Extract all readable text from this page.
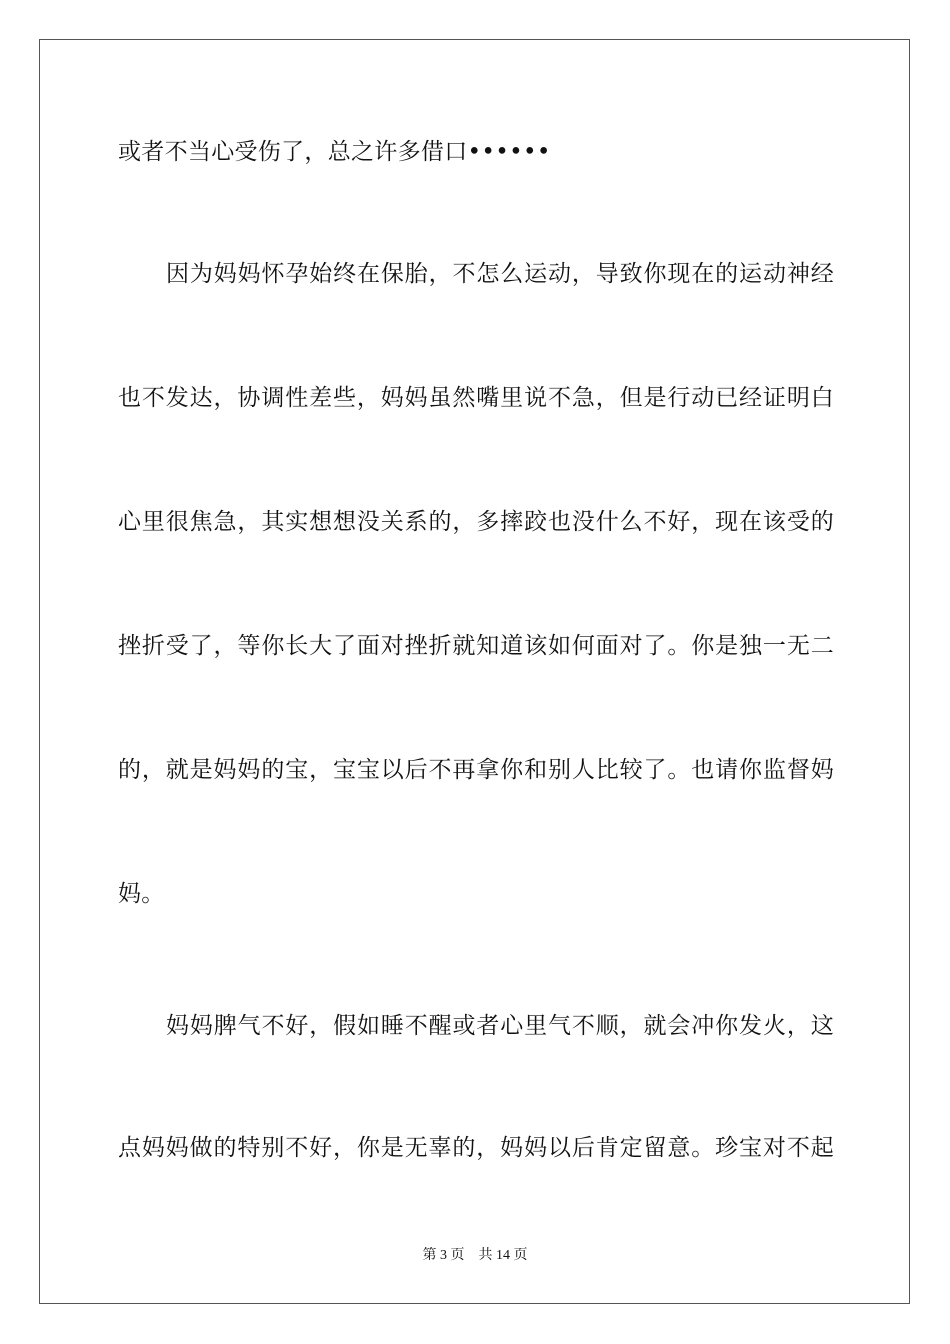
或者不当心受伤了，总之许多借口••••••
因为妈妈怀孕始终在保胎，不怎么运动，导致你现在的运动神经
也不发达，协调性差些，妈妈虽然嘴里说不急，但是行动已经证明白
心里很焦急，其实想想没关系的，多摔跤也没什么不好，现在该受的
挫折受了，等你长大了面对挫折就知道该如何面对了。你是独一无二
的，就是妈妈的宝，宝宝以后不再拿你和别人比较了。也请你监督妈
妈。
妈妈脾气不好，假如睡不醒或者心里气不顺，就会冲你发火，这
点妈妈做的特别不好，你是无辜的，妈妈以后肯定留意。珍宝对不起
第 3 页 共 14 页
